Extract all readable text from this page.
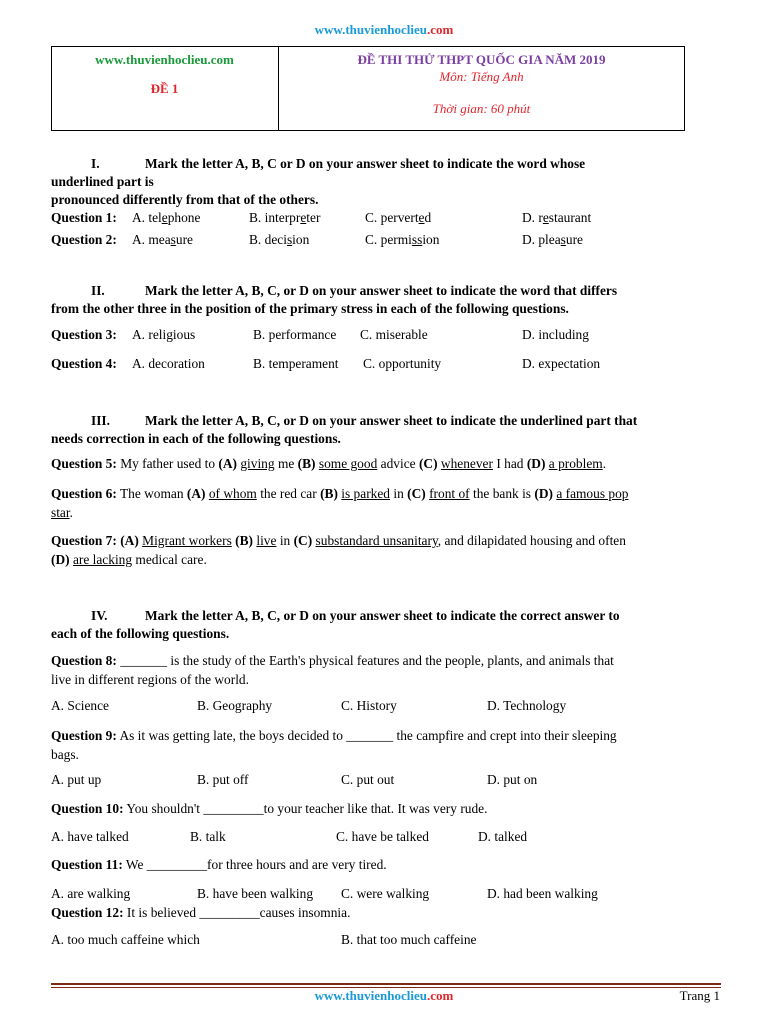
www.thuvienhoclieu.com
www.thuvienhoclieu.com
ĐỀ 1
ĐỀ THI THỬ THPT QUỐC GIA NĂM 2019
Môn: Tiếng Anh
Thời gian: 60 phút
I.	Mark the letter A, B, C or D on your answer sheet to indicate the word whose
underlined part is
pronounced differently from that of the others.
Question 1: A. telephone	B. interpreter	C. perverted	D. restaurant
Question 2: A. measure	B. decision	C. permission	D. pleasure
II.	Mark the letter A, B, C, or D on your answer sheet to indicate the word that differs
from the other three in the position of the primary stress in each of the following questions.
Question 3: A. religious	B. performance C. miserable	D. including
Question 4: A. decoration	B. temperament C. opportunity	D. expectation
III.	Mark the letter A, B, C, or D on your answer sheet to indicate the underlined part that
needs correction in each of the following questions.
Question 5: My father used to (A) giving me (B) some good advice (C) whenever I had (D) a problem.
Question 6: The woman (A) of whom the red car (B) is parked in (C) front of the bank is (D) a famous pop
star.
Question 7: (A) Migrant workers (B) live in (C) substandard unsanitary, and dilapidated housing and often
(D) are lacking medical care.
IV.	Mark the letter A, B, C, or D on your answer sheet to indicate the correct answer to
each of the following questions.
Question 8: _______ is the study of the Earth's physical features and the people, plants, and animals that
live in different regions of the world.
A. Science	B. Geography	C. History	D. Technology
Question 9: As it was getting late, the boys decided to _______ the campfire and crept into their sleeping
bags.
A. put up	B. put off	C. put out	D. put on
Question 10: You shouldn't _________to your teacher like that. It was very rude.
A. have talked	B. talk	C. have be talked	D. talked
Question 11: We _________for three hours and are very tired.
A. are walking	B. have been walking C. were walking	D. had been walking
Question 12: It is believed _________causes insomnia.
A. too much caffeine which	B. that too much caffeine
www.thuvienhoclieu.com	Trang 1
